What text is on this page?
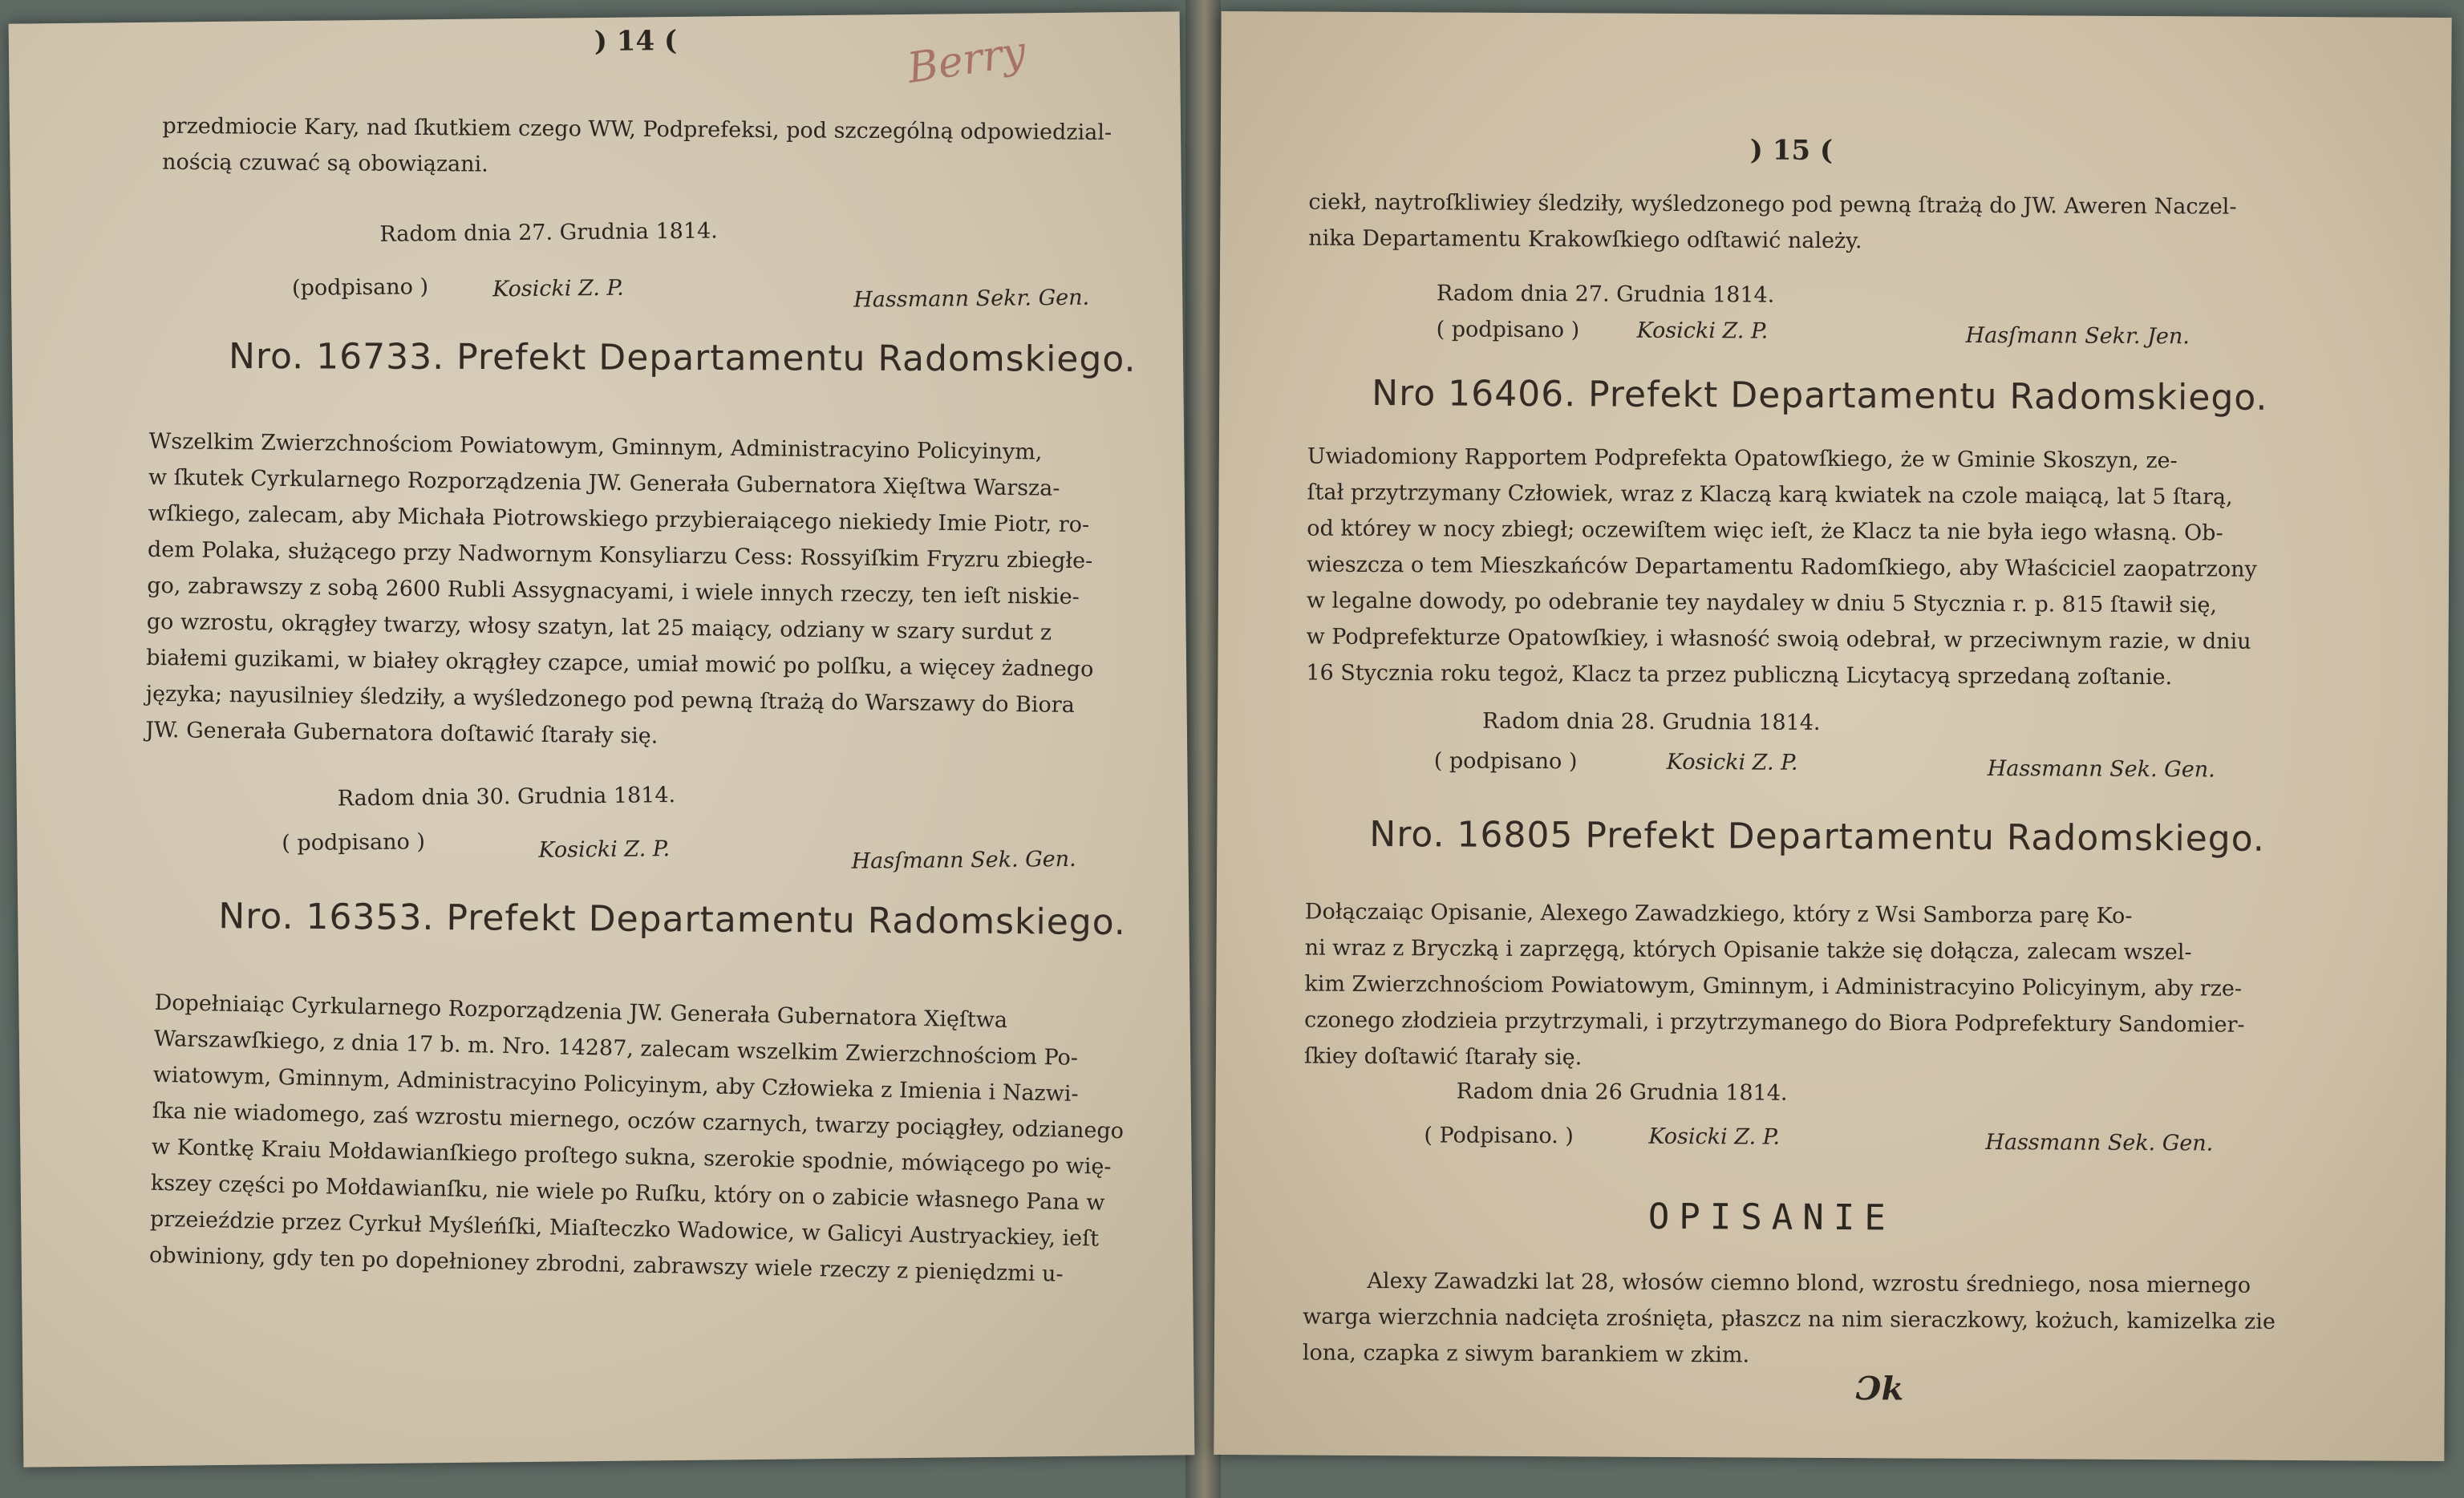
) 14 (	Berry
przedmiocie Kary, nad ſkutkiem czego WW, Podprefeksi, pod szczególną odpowiedzial-
nością czuwać są obowiązani.
Radom dnia 27. Grudnia 1814.
(podpisano )	Kosicki Z. P.	Hassmann Sekr. Gen.
Nro. 16733. Prefekt Departamentu Radomskiego.
Wszelkim Zwierzchnościom Powiatowym, Gminnym, Administracyino Policyinym,
w ſkutek Cyrkularnego Rozporządzenia JW. Generała Gubernatora Xięſtwa Warsza-
wſkiego, zalecam, aby Michała Piotrowskiego przybieraiącego niekiedy Imie Piotr, ro-
dem Polaka, służącego przy Nadwornym Konsyliarzu Cess: Rossyiſkim Fryzru zbiegłe-
go, zabrawszy z sobą 2600 Rubli Assygnacyami, i wiele innych rzeczy, ten ieſt niskie-
go wzrostu, okrągłey twarzy, włosy szatyn, lat 25 maiący, odziany w szary surdut z
białemi guzikami, w białey okrągłey czapce, umiał mowić po polſku, a więcey żadnego
języka; nayusilniey śledziły, a wyśledzonego pod pewną ſtrażą do Warszawy do Biora
JW. Generała Gubernatora doſtawić ſtarały się.
Radom dnia 30. Grudnia 1814.
( podpisano )	Kosicki Z. P.	Hasſmann Sek. Gen.
Nro. 16353. Prefekt Departamentu Radomskiego.
Dopełniaiąc Cyrkularnego Rozporządzenia JW. Generała Gubernatora Xięſtwa
Warszawſkiego, z dnia 17 b. m. Nro. 14287, zalecam wszelkim Zwierzchnościom Po-
wiatowym, Gminnym, Administracyino Policyinym, aby Człowieka z Imienia i Nazwi-
ſka nie wiadomego, zaś wzrostu miernego, oczów czarnych, twarzy pociągłey, odzianego
w Kontkę Kraiu Mołdawianſkiego proſtego sukna, szerokie spodnie, mówiącego po wię-
kszey części po Mołdawianſku, nie wiele po Ruſku, który on o zabicie własnego Pana w
przeieździe przez Cyrkuł Myśleńſki, Miaſteczko Wadowice, w Galicyi Austryackiey, ieſt
obwiniony, gdy ten po dopełnioney zbrodni, zabrawszy wiele rzeczy z pieniędzmi u-
) 15 (
ciekł, naytroſkliwiey śledziły, wyśledzonego pod pewną ſtrażą do JW. Aweren Naczel-
nika Departamentu Krakowſkiego odſtawić należy.
Radom dnia 27. Grudnia 1814.
( podpisano )	Kosicki Z. P.	Hasſmann Sekr. Jen.
Nro 16406. Prefekt Departamentu Radomskiego.
Uwiadomiony Rapportem Podprefekta Opatowſkiego, że w Gminie Skoszyn, ze-
ſtał przytrzymany Człowiek, wraz z Klaczą karą kwiatek na czole maiącą, lat 5 ſtarą,
od którey w nocy zbiegł; oczewiſtem więc ieſt, że Klacz ta nie była iego własną. Ob-
wieszcza o tem Mieszkańców Departamentu Radomſkiego, aby Właściciel zaopatrzony
w legalne dowody, po odebranie tey naydaley w dniu 5 Stycznia r. p. 815 ſtawił się,
w Podprefekturze Opatowſkiey, i własność swoią odebrał, w przeciwnym razie, w dniu
16 Stycznia roku tegoż, Klacz ta przez publiczną Licytacyą sprzedaną zoſtanie.
Radom dnia 28. Grudnia 1814.
( podpisano )	Kosicki Z. P.	Hassmann Sek. Gen.
Nro. 16805 Prefekt Departamentu Radomskiego.
Dołączaiąc Opisanie, Alexego Zawadzkiego, który z Wsi Samborza parę Ko-
ni wraz z Bryczką i zaprzęgą, których Opisanie także się dołącza, zalecam wszel-
kim Zwierzchnościom Powiatowym, Gminnym, i Administracyino Policyinym, aby rze-
czonego złodzieia przytrzymali, i przytrzymanego do Biora Podprefektury Sandomier-
ſkiey doſtawić ſtarały się.
Radom dnia 26 Grudnia 1814.
( Podpisano. )	Kosicki Z. P.	Hassmann Sek. Gen.
OPISANIE
Alexy Zawadzki lat 28, włosów ciemno blond, wzrostu średniego, nosa miernego
warga wierzchnia nadcięta zrośnięta, płaszcz na nim sieraczkowy, kożuch, kamizelka zie
lona, czapka z siwym barankiem w zkim.
Ɔk
